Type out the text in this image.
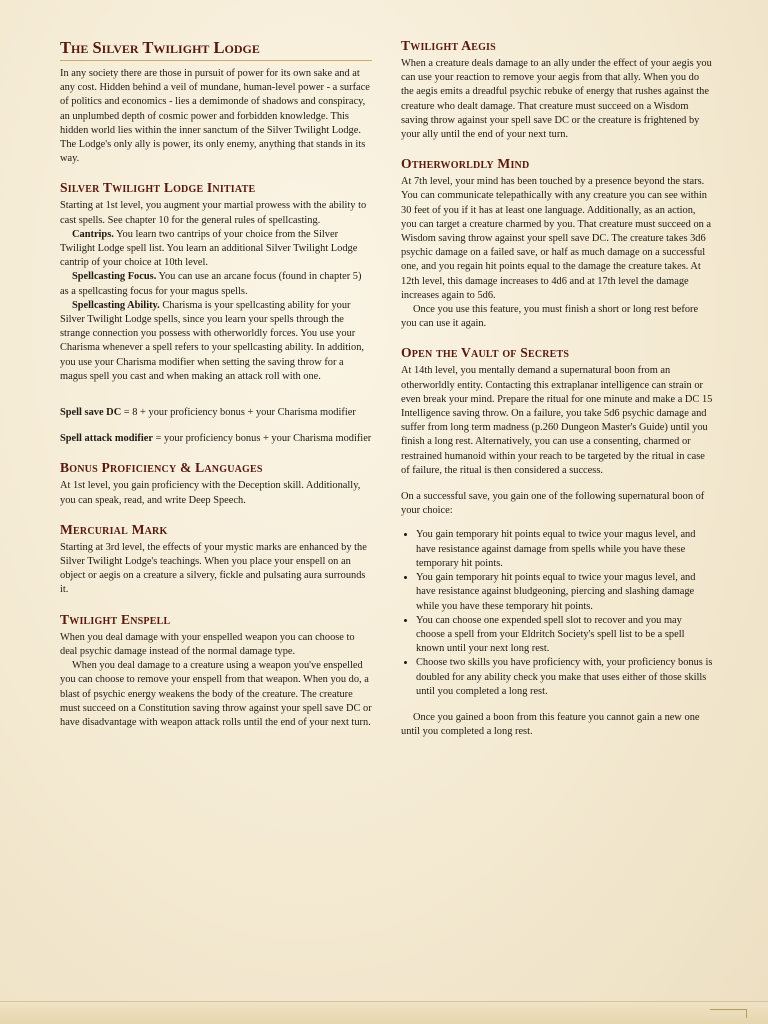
The Silver Twilight Lodge

In any society there are those in pursuit of power for its own sake and at any cost. Hidden behind a veil of mundane, human-level power - a surface of politics and economics - lies a demimonde of shadows and conspiracy, an unplumbed depth of cosmic power and forbidden knowledge. This hidden world lies within the inner sanctum of the Silver Twilight Lodge. The Lodge's only ally is power, its only enemy, anything that stands in its way.

Silver Twilight Lodge Initiate

Starting at 1st level, you augment your martial prowess with the ability to cast spells. See chapter 10 for the general rules of spellcasting.

Cantrips. You learn two cantrips of your choice from the Silver Twilight Lodge spell list. You learn an additional Silver Twilight Lodge cantrip of your choice at 10th level.

Spellcasting Focus. You can use an arcane focus (found in chapter 5) as a spellcasting focus for your magus spells.

Spellcasting Ability. Charisma is your spellcasting ability for your Silver Twilight Lodge spells, since you learn your spells through the strange connection you possess with otherworldly forces. You use your Charisma whenever a spell refers to your spellcasting ability. In addition, you use your Charisma modifier when setting the saving throw for a magus spell you cast and when making an attack roll with one.

Spell save DC = 8 + your proficiency bonus + your Charisma modifier

Spell attack modifier = your proficiency bonus + your Charisma modifier

Bonus Proficiency & Languages

At 1st level, you gain proficiency with the Deception skill. Additionally, you can speak, read, and write Deep Speech.

Mercurial Mark

Starting at 3rd level, the effects of your mystic marks are enhanced by the Silver Twilight Lodge's teachings. When you place your enspell on an object or aegis on a creature a silvery, fickle and pulsating aura surrounds it.

Twilight Enspell

When you deal damage with your enspelled weapon you can choose to deal psychic damage instead of the normal damage type.

When you deal damage to a creature using a weapon you've enspelled you can choose to remove your enspell from that weapon. When you do, a blast of psychic energy weakens the body of the creature. The creature must succeed on a Constitution saving throw against your spell save DC or have disadvantage with weapon attack rolls until the end of your next turn.

Twilight Aegis

When a creature deals damage to an ally under the effect of your aegis you can use your reaction to remove your aegis from that ally. When you do the aegis emits a dreadful psychic rebuke of energy that rushes against the creature who dealt damage. That creature must succeed on a Wisdom saving throw against your spell save DC or the creature is frightened by your ally until the end of your next turn.

Otherworldly Mind

At 7th level, your mind has been touched by a presence beyond the stars. You can communicate telepathically with any creature you can see within 30 feet of you if it has at least one language. Additionally, as an action, you can target a creature charmed by you. That creature must succeed on a Wisdom saving throw against your spell save DC. The creature takes 3d6 psychic damage on a failed save, or half as much damage on a successful one, and you regain hit points equal to the damage the creature takes. At 12th level, this damage increases to 4d6 and at 17th level the damage increases again to 5d6.

Once you use this feature, you must finish a short or long rest before you can use it again.

Open the Vault of Secrets

At 14th level, you mentally demand a supernatural boon from an otherworldly entity. Contacting this extraplanar intelligence can strain or even break your mind. Prepare the ritual for one minute and make a DC 15 Intelligence saving throw. On a failure, you take 5d6 psychic damage and suffer from long term madness (p.260 Dungeon Master's Guide) until you finish a long rest. Alternatively, you can use a consenting, charmed or restrained humanoid within your reach to be targeted by the ritual in case of failure, the ritual is then considered a success.

On a successful save, you gain one of the following supernatural boon of your choice:

• You gain temporary hit points equal to twice your magus level, and have resistance against damage from spells while you have these temporary hit points.
• You gain temporary hit points equal to twice your magus level, and have resistance against bludgeoning, piercing and slashing damage while you have these temporary hit points.
• You can choose one expended spell slot to recover and you may choose a spell from your Eldritch Society's spell list to be a spell known until your next long rest.
• Choose two skills you have proficiency with, your proficiency bonus is doubled for any ability check you make that uses either of those skills until you completed a long rest.

Once you gained a boon from this feature you cannot gain a new one until you completed a long rest.
